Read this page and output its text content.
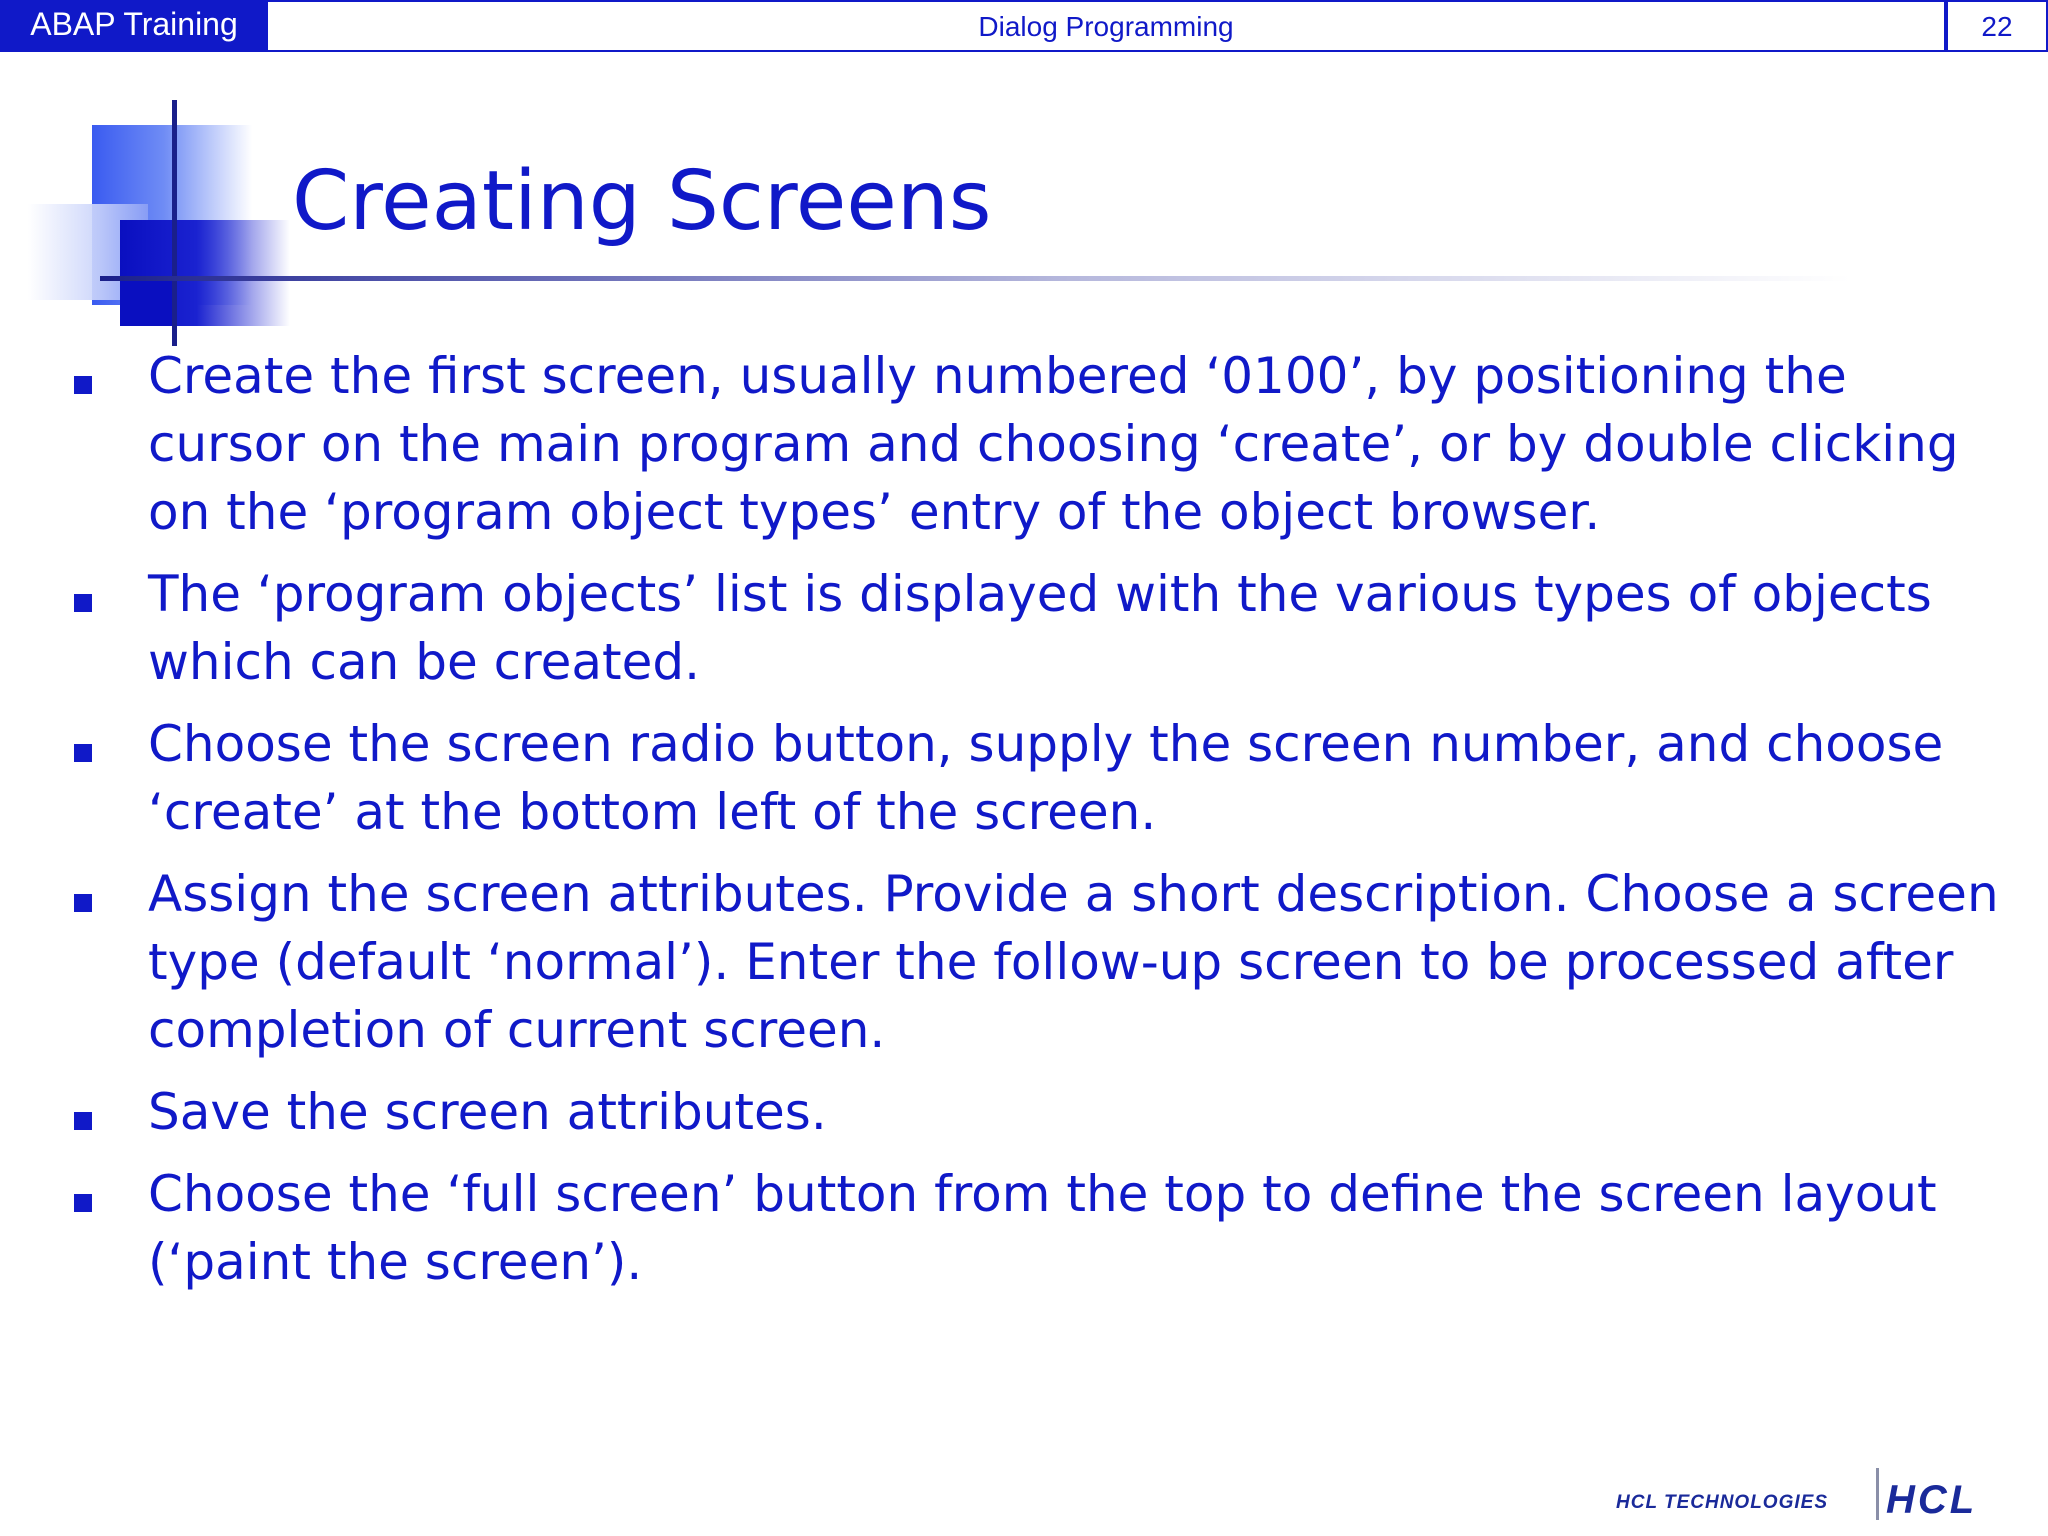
ABAP Training	Dialog Programming	22
Creating Screens
Create the first screen, usually numbered ‘0100’, by positioning the cursor on the main program and choosing ‘create’, or by double clicking on the ‘program object types’ entry of the object browser.
The ‘program objects’ list is displayed with the various types of objects which can be created.
Choose the screen radio button, supply the screen number, and choose ‘create’ at the bottom left of the screen.
Assign the screen attributes. Provide a short description. Choose a screen type (default ‘normal’). Enter the follow-up screen to be processed after completion of current screen.
Save the screen attributes.
Choose the ‘full screen’ button from the top to define the screen layout (‘paint the screen’).
HCL TECHNOLOGIES HCL
